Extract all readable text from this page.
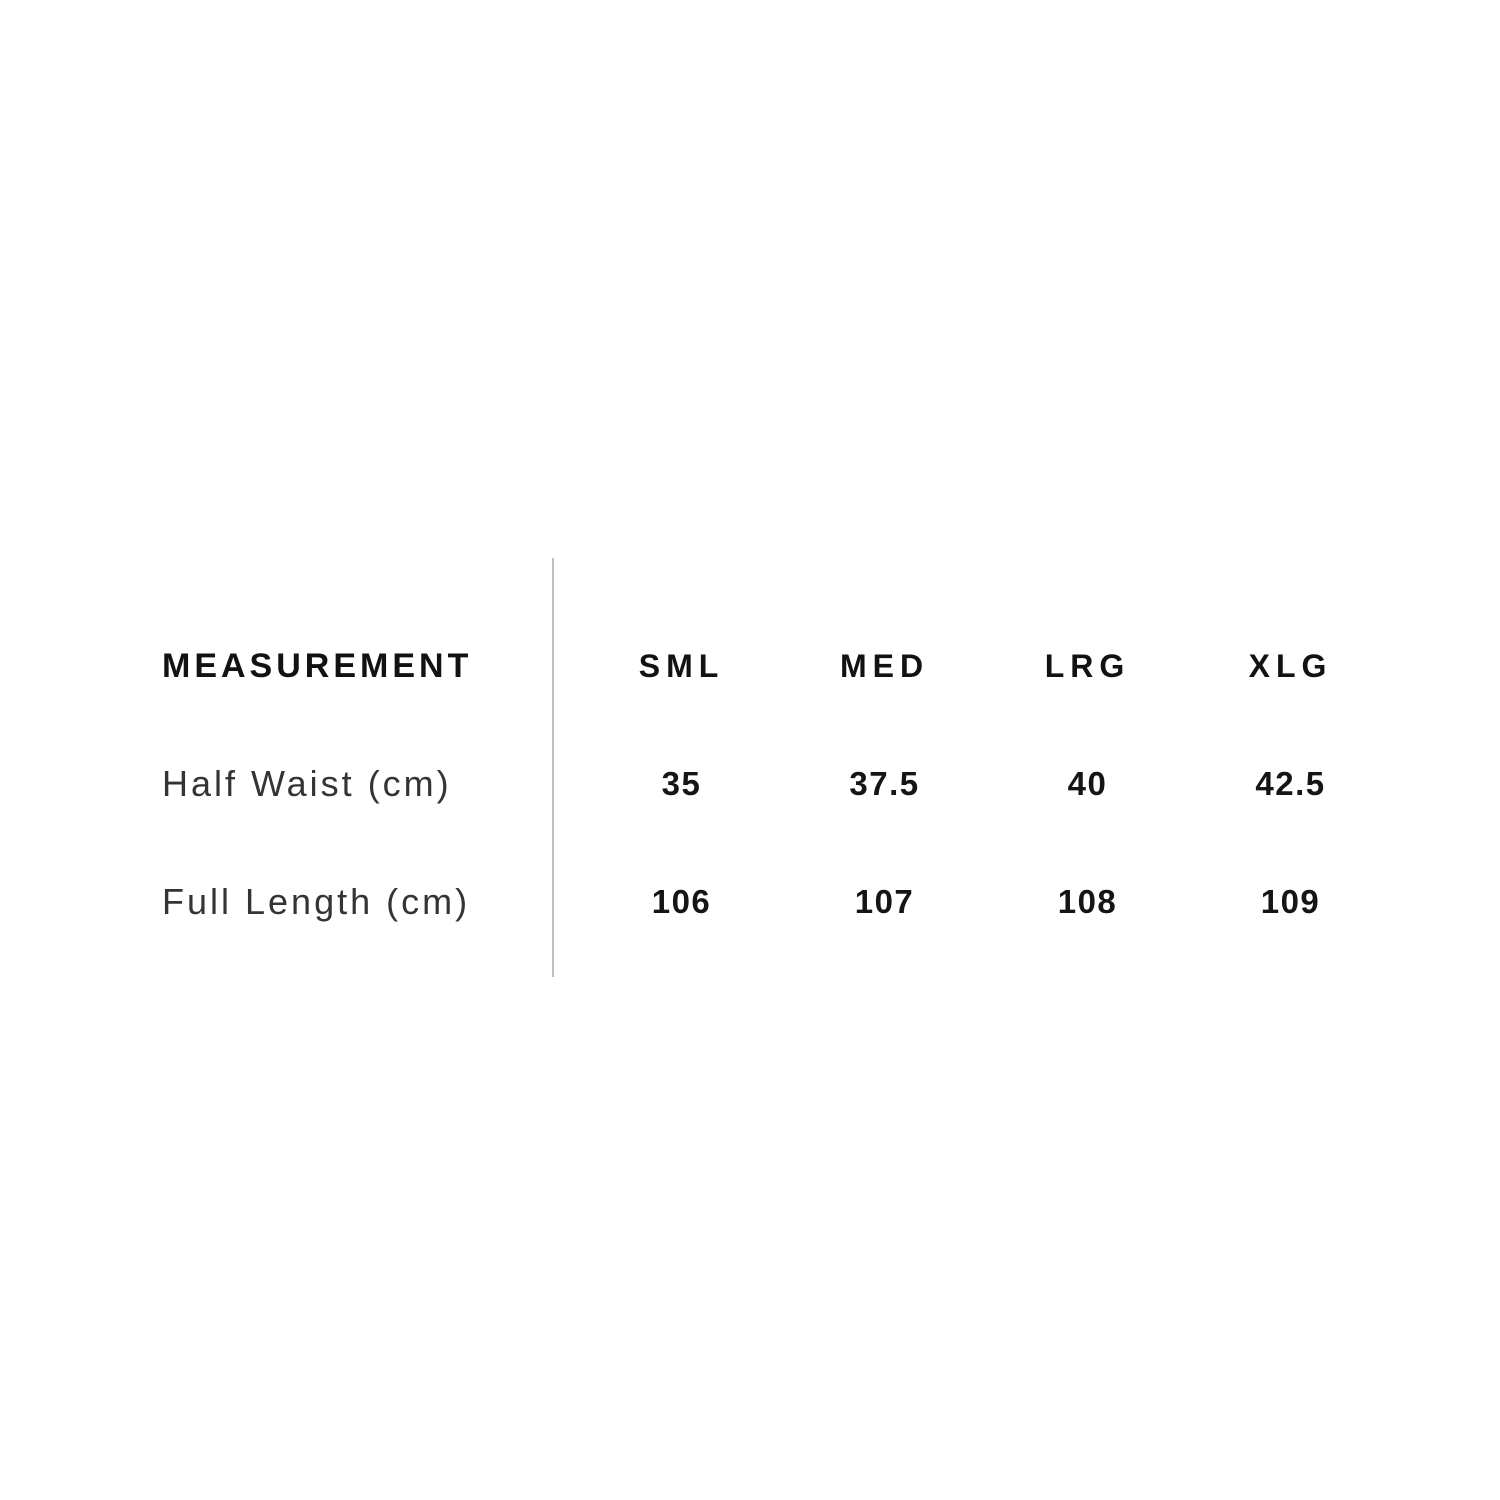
MEASUREMENT	SML	MED	LRG	XLG
Half Waist (cm)	35	37.5	40	42.5
Full Length (cm)	106	107	108	109
